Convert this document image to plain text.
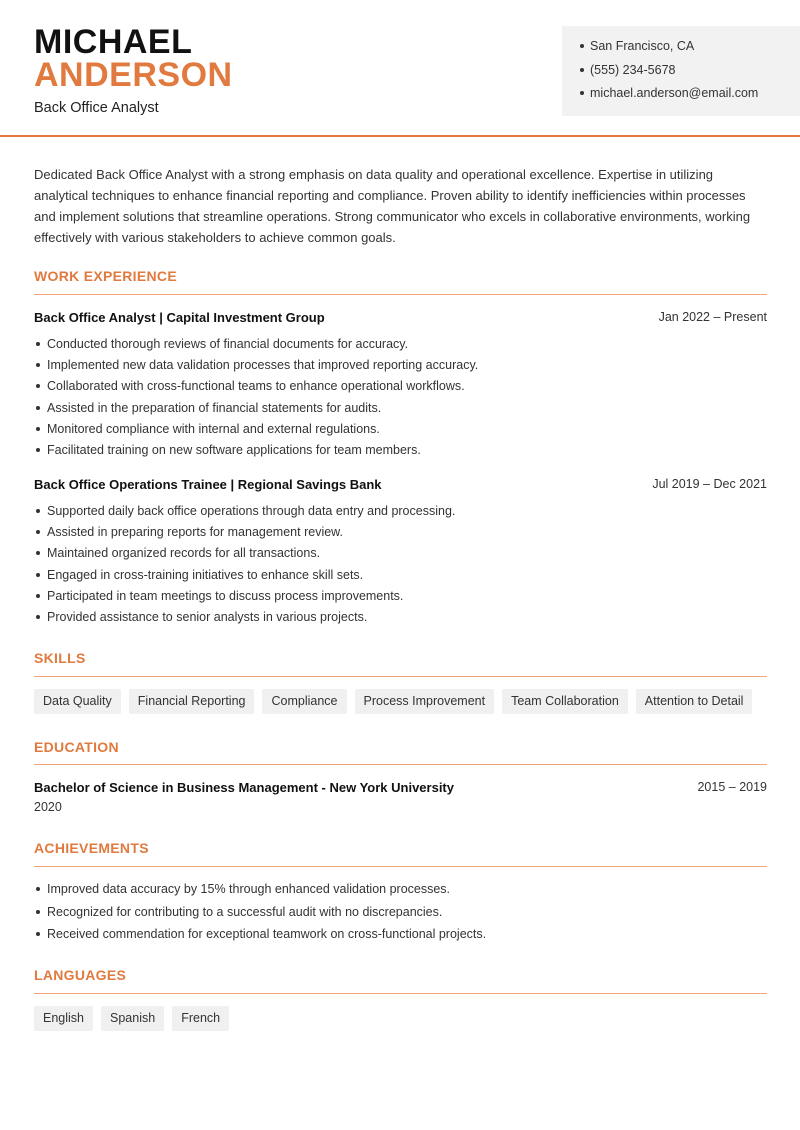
MICHAEL
ANDERSON
Back Office Analyst
San Francisco, CA
(555) 234-5678
michael.anderson@email.com

Dedicated Back Office Analyst with a strong emphasis on data quality and operational excellence. Expertise in utilizing analytical techniques to enhance financial reporting and compliance. Proven ability to identify inefficiencies within processes and implement solutions that streamline operations. Strong communicator who excels in collaborative environments, working effectively with various stakeholders to achieve common goals.

WORK EXPERIENCE
Back Office Analyst | Capital Investment Group	Jan 2022 – Present
Conducted thorough reviews of financial documents for accuracy.
Implemented new data validation processes that improved reporting accuracy.
Collaborated with cross-functional teams to enhance operational workflows.
Assisted in the preparation of financial statements for audits.
Monitored compliance with internal and external regulations.
Facilitated training on new software applications for team members.
Back Office Operations Trainee | Regional Savings Bank	Jul 2019 – Dec 2021
Supported daily back office operations through data entry and processing.
Assisted in preparing reports for management review.
Maintained organized records for all transactions.
Engaged in cross-training initiatives to enhance skill sets.
Participated in team meetings to discuss process improvements.
Provided assistance to senior analysts in various projects.
SKILLS
Data Quality	Financial Reporting	Compliance	Process Improvement	Team Collaboration	Attention to Detail
EDUCATION
Bachelor of Science in Business Management - New York University	2015 – 2019
2020
ACHIEVEMENTS
Improved data accuracy by 15% through enhanced validation processes.
Recognized for contributing to a successful audit with no discrepancies.
Received commendation for exceptional teamwork on cross-functional projects.
LANGUAGES
English	Spanish	French
